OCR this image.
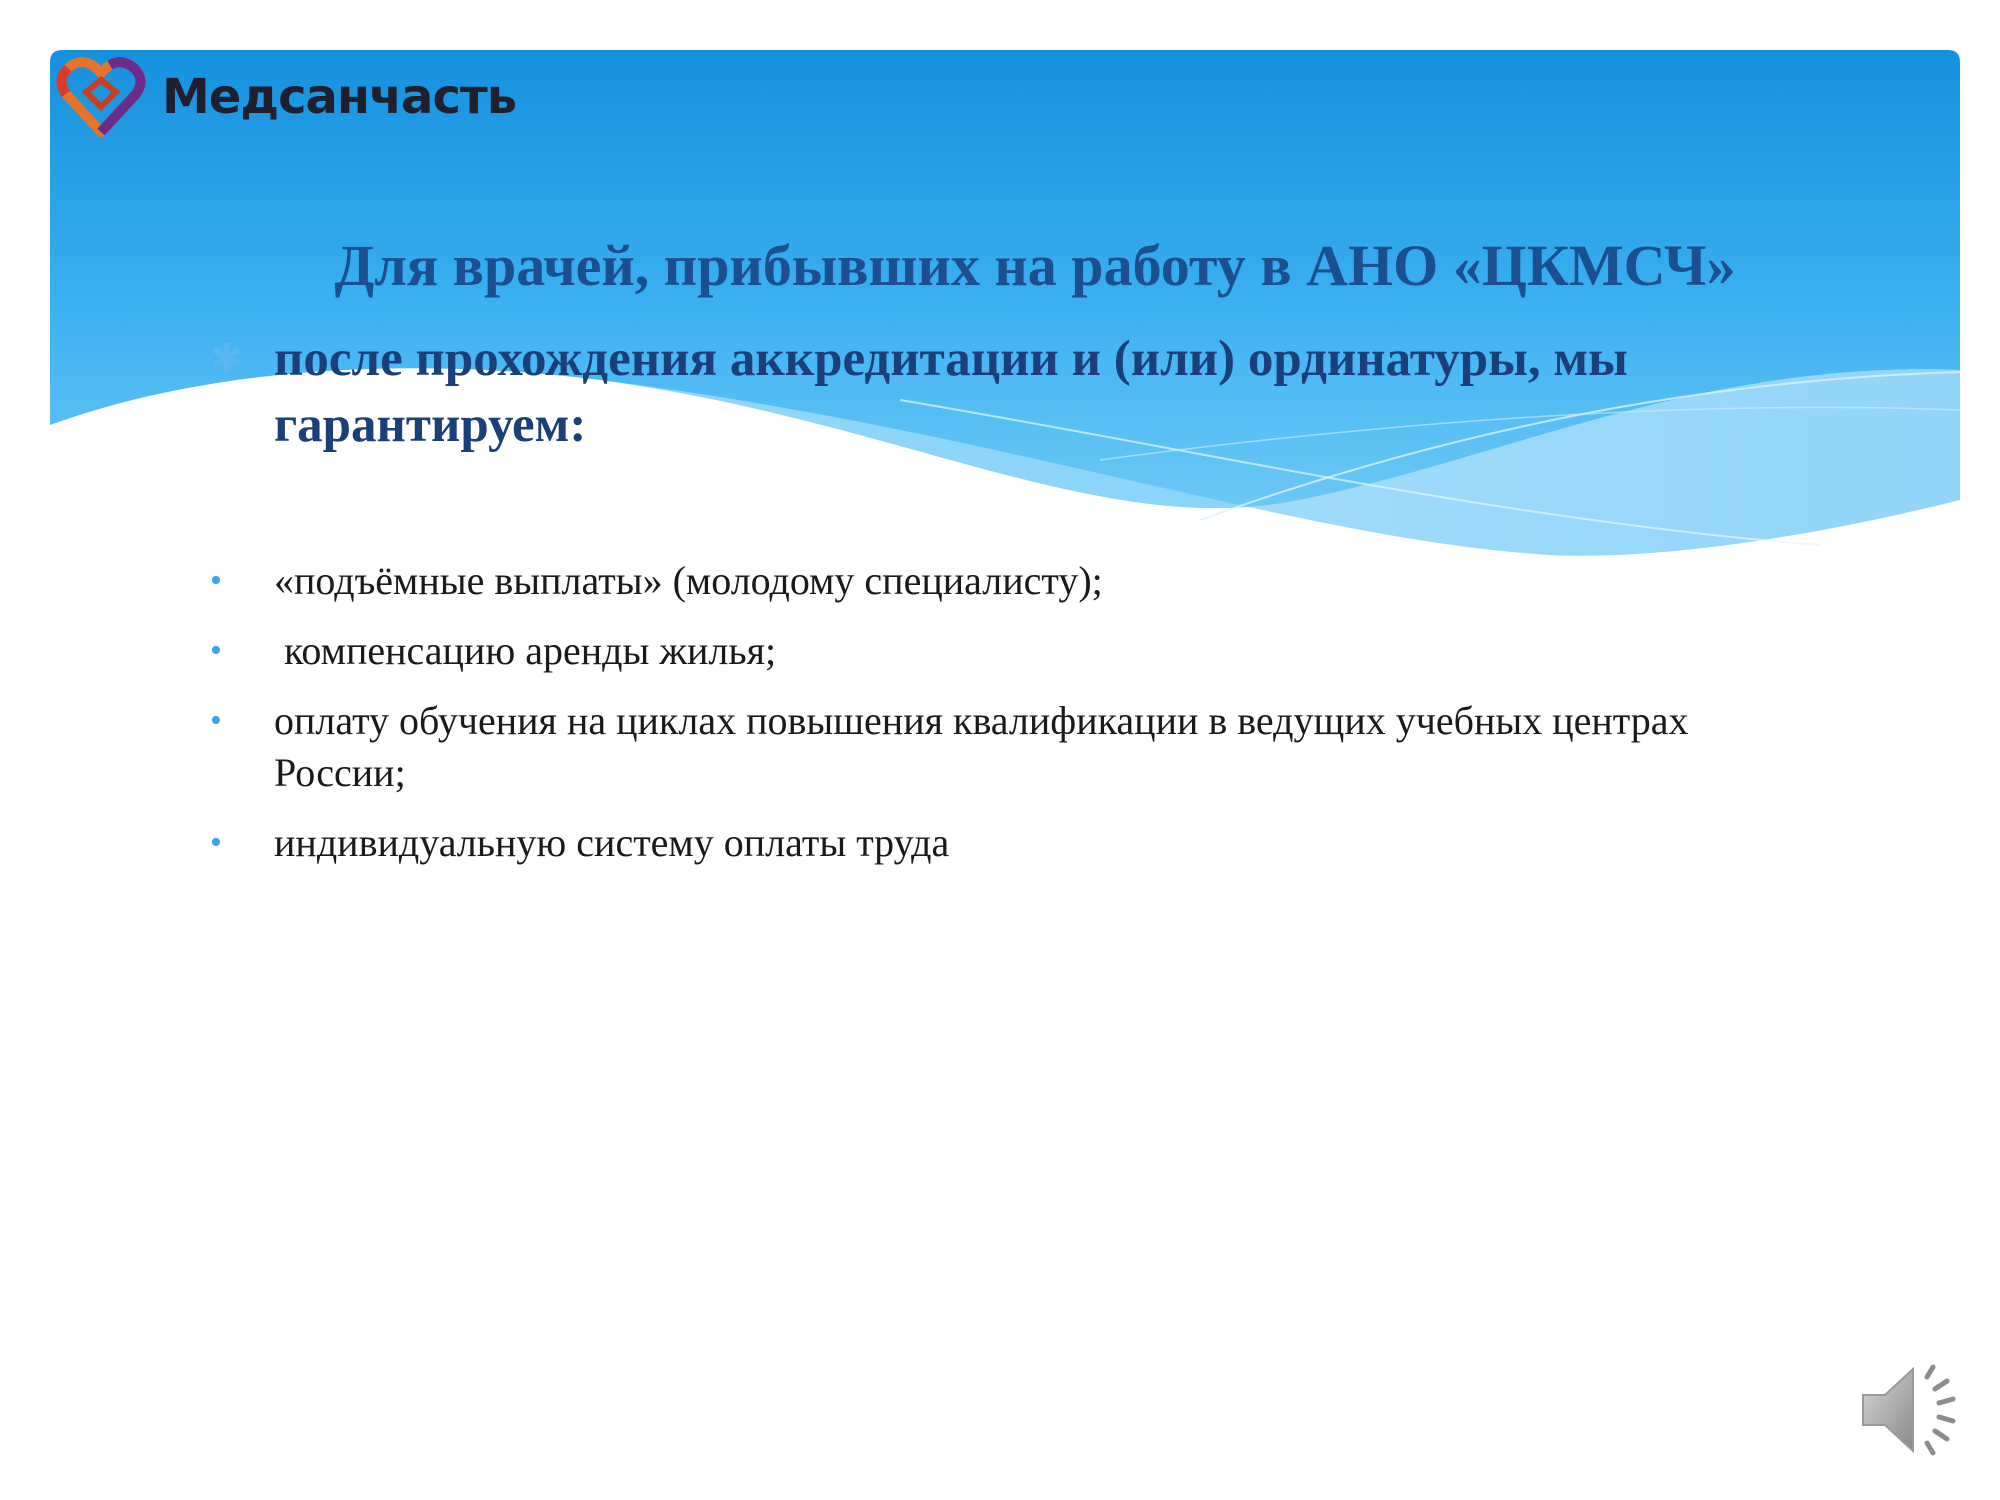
Медсанчасть
Для врачей, прибывших на работу в АНО «ЦКМСЧ»
✱ после прохождения аккредитации и (или) ординатуры, мы гарантируем:
•	«подъёмные выплаты» (молодому специалисту);
•	компенсацию аренды жилья;
•	оплату обучения на циклах повышения квалификации в ведущих учебных центрах России;
•	индивидуальную систему оплаты труда
